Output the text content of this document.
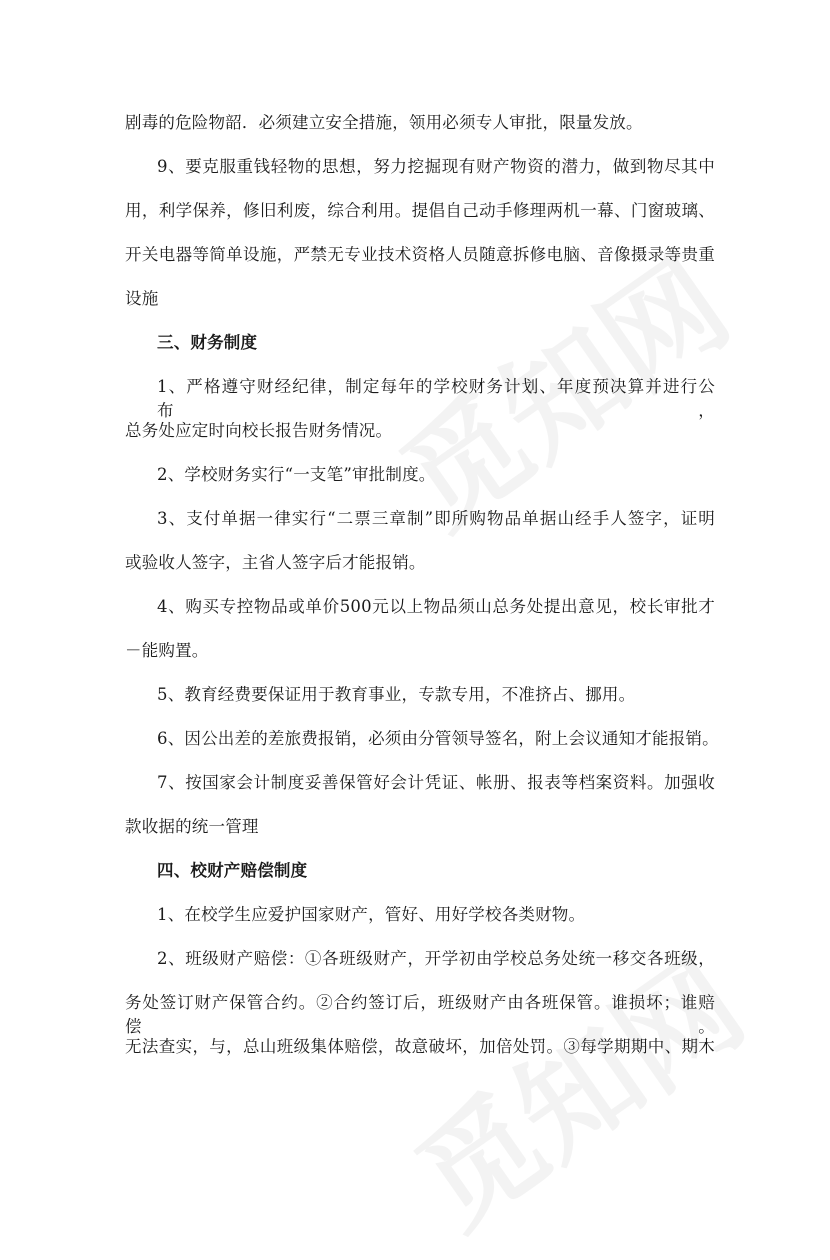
剧毒的危险物韶．必须建立安全措施，领用必须专人审批，限量发放。
9、要克服重钱轻物的思想，努力挖掘现有财产物资的潜力，做到物尽其中
用，利学保养，修旧利废，综合利用。提倡自己动手修理两机一幕、门窗玻璃、
开关电器等简单设施，严禁无专业技术资格人员随意拆修电脑、音像摄录等贵重
设施
三、财务制度
1、严格遵守财经纪律，制定每年的学校财务计划、年度预决算并进行公布，
总务处应定时向校长报告财务情况。
2、学校财务实行“一支笔”审批制度。
3、支付单据一律实行“二票三章制”即所购物品单据山经手人签字，证明
或验收人签字，主省人签字后才能报销。
4、购买专控物品或单价500元以上物品须山总务处提出意见，校长审批才
－能购置。
5、教育经费要保证用于教育事业，专款专用，不准挤占、挪用。
6、因公出差的差旅费报销，必须由分管领导签名，附上会议通知才能报销。
7、按国家会计制度妥善保管好会计凭证、帐册、报表等档案资料。加强收
款收据的统一管理
四、校财产赔偿制度
1、在校学生应爱护国家财产，管好、用好学校各类财物。
2、班级财产赔偿：①各班级财产，开学初由学校总务处统一移交各班级，
务处签订财产保管合约。②合约签订后，班级财产由各班保管。谁损坏；谁赔偿。
无法查实，与，总山班级集体赔偿，故意破坏，加倍处罚。③每学期期中、期木
